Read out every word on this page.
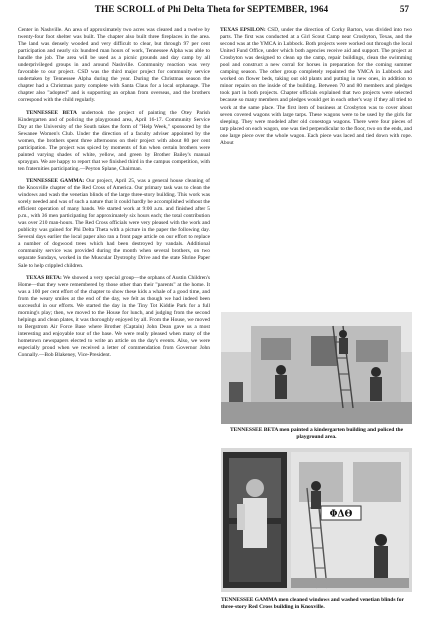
THE SCROLL of Phi Delta Theta for SEPTEMBER, 1964	57

Center in Nashville. An area of approximately two acres was cleared and a twelve by twenty-four foot shelter was built. The chapter also built three fireplaces in the area. The land was densely wooded and very difficult to clear, but through 97 per cent participation and nearly six hundred man hours of work, Tennessee Alpha was able to handle the job. The area will be used as a picnic grounds and day camp by all underprivileged groups in and around Nashville. Community reaction was very favorable to our project. CSD was the third major project for community service undertaken by Tennessee Alpha during the year. During the Christmas season the chapter had a Christmas party complete with Santa Claus for a local orphanage. The chapter also "adopted" and is supporting an orphan from overseas, and the brothers correspond with the child regularly.

TENNESSEE BETA undertook the project of painting the Otey Parish Kindergarten and of policing the playground area, April 16-17. Community Service Day at the University of the South takes the form of "Help Week," sponsored by the Sewanee Women's Club. Under the direction of a faculty adviser appointed by the women, the brothers spent three afternoons on their project with about 80 per cent participation. The project was spiced by moments of fun when certain brothers were painted varying shades of white, yellow, and green by Brother Bailey's manual spraygun. We are happy to report that we finished third in the campus competition, with ten fraternities participating.—Peyton Splane, Chairman.

TENNESSEE GAMMA: Our project, April 25, was a general house cleaning of the Knoxville chapter of the Red Cross of America. Our primary task was to clean the windows and wash the venetian blinds of the large three-story building. This work was sorely needed and was of such a nature that it could hardly be accomplished without the efficient operation of many hands. We started work at 9:00 a.m. and finished after 5 p.m., with 36 men participating for approximately six hours each; the total contribution was over 210 man-hours. The Red Cross officials were very pleased with the work and publicity was gained for Phi Delta Theta with a picture in the paper the following day. Several days earlier the local paper also ran a front page article on our effort to replace a number of dogwood trees which had been destroyed by vandals. Additional community service was provided during the month when several brothers, on two separate Sundays, worked in the Muscular Dystrophy Drive and the state Shrine Paper Sale to help crippled children.

TEXAS BETA: We showed a very special group—the orphans of Austin Children's Home—that they were remembered by those other than their "parents" at the home. It was a 100 per cent effort of the chapter to show these kids a whale of a good time, and from the weary smiles at the end of the day, we felt as though we had indeed been successful in our efforts. We started the day in the Tiny Tot Kiddie Park for a full morning's play; then, we moved to the House for lunch, and judging from the second helpings and clean plates, it was thoroughly enjoyed by all. From the House, we moved to Bergstrom Air Force Base where Brother (Captain) John Dean gave us a most interesting and enjoyable tour of the base. We were really pleased when many of the hometown newspapers elected to write an article on the day's events. Also, we were especially proud when we received a letter of commendation from Governor John Connally.—Bob Blakeney, Vice-President.

TEXAS EPSILON: CSD, under the direction of Corky Barton, was divided into two parts. The first was conducted at a Girl Scout Camp near Crosbyton, Texas, and the second was at the YMCA in Lubbock. Both projects were worked out through the local United Fund Office, under which both agencies receive aid and support. The project at Crosbyton was designed to clean up the camp, repair buildings, clean the swimming pool and construct a new corral for horses in preparation for the coming summer camping season. The other group completely repainted the YMCA in Lubbock and worked on flower beds, taking out old plants and putting in new ones, in addition to minor repairs on the inside of the building. Between 70 and 80 members and pledges took part in both projects. Chapter officials explained that two projects were selected because so many members and pledges would get in each other's way if they all tried to work at the same place. The first item of business at Crosbyton was to cover about seven covered wagons with large tarps. These wagons were to be used by the girls for sleeping. They were modeled after old conestoga wagons. There were four pieces of tarp placed on each wagon, one was tied perpendicular to the floor, two on the ends, and one large piece over the whole wagon. Each piece was laced and tied down with rope. About

TENNESSEE BETA men painted a kindergarten building and policed the playground area.
ΦΔΘ
TENNESSEE GAMMA men cleaned windows and washed venetian blinds for three-story Red Cross building in Knoxville.
